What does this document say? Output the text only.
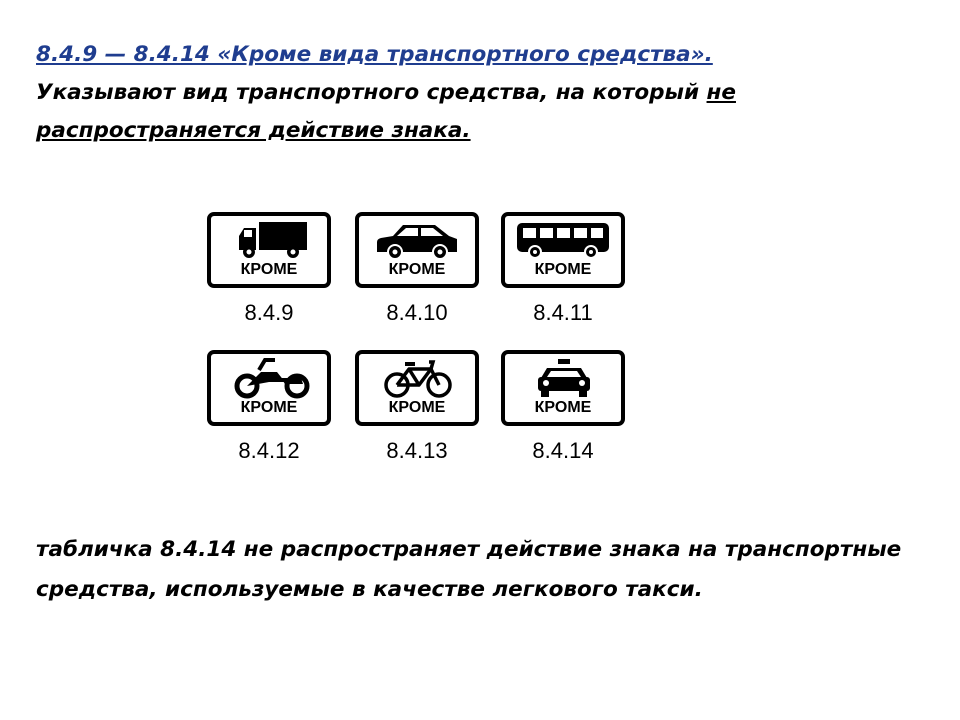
8.4.9 — 8.4.14 «Кроме вида транспортного средства».
Указывают вид транспортного средства, на который не распространяется действие знака.
КРОМЕ	КРОМЕ	КРОМЕ
8.4.9	8.4.10	8.4.11
КРОМЕ	КРОМЕ	КРОМЕ
8.4.12	8.4.13	8.4.14
табличка 8.4.14 не распространяет действие знака на транспортные средства, используемые в качестве легкового такси.
